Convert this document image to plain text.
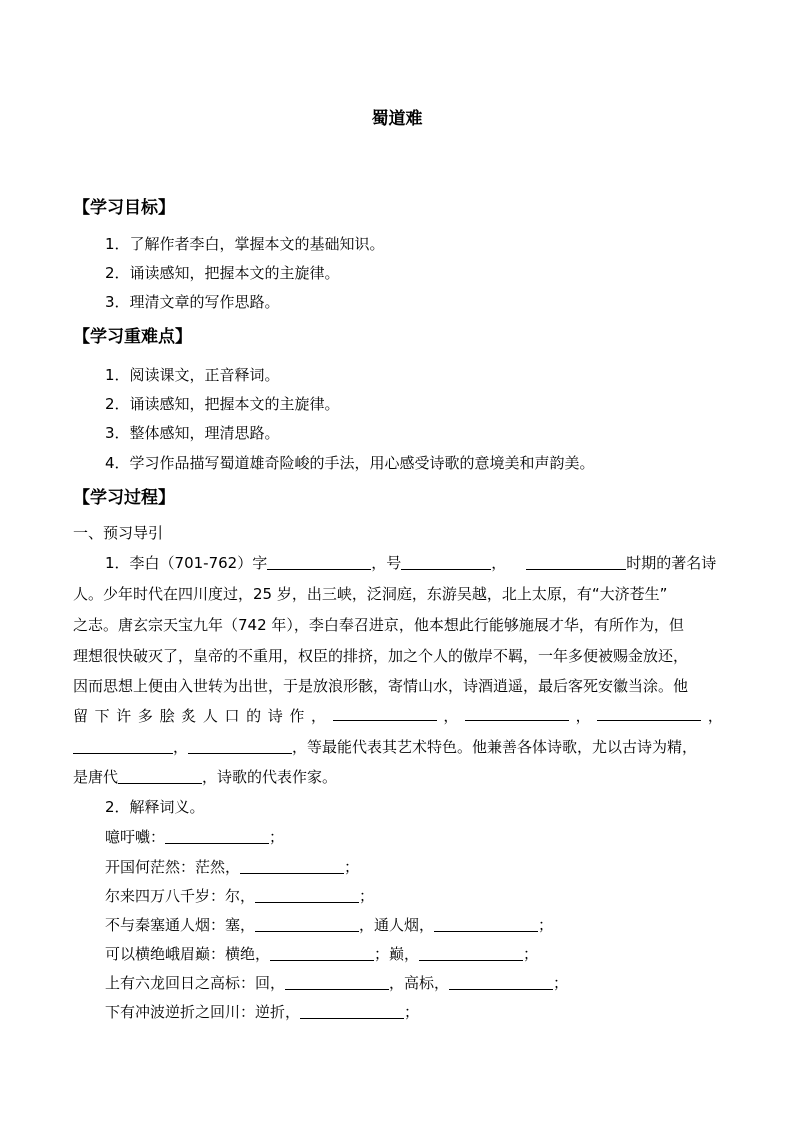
蜀道难
【学习目标】
1．了解作者李白，掌握本文的基础知识。
2．诵读感知，把握本文的主旋律。
3．理清文章的写作思路。
【学习重难点】
1．阅读课文，正音释词。
2．诵读感知，把握本文的主旋律。
3．整体感知，理清思路。
4．学习作品描写蜀道雄奇险峻的手法，用心感受诗歌的意境美和声韵美。
【学习过程】
一、预习导引
1．李白（701-762）字	，号	，	时期的著名诗
人。少年时代在四川度过，25 岁，出三峡，泛洞庭，东游吴越，北上太原，有“大济苍生”
之志。唐玄宗天宝九年（742 年），李白奉召进京，他本想此行能够施展才华，有所作为，但
理想很快破灭了，皇帝的不重用，权臣的排挤，加之个人的傲岸不羁，一年多便被赐金放还，
因而思想上便由入世转为出世，于是放浪形骸，寄情山水，诗酒逍遥，最后客死安徽当涂。他
留 下 许 多 脍 炙 人 口 的 诗 作 ，	，	，	，
，	，等最能代表其艺术特色。他兼善各体诗歌，尤以古诗为精，
是唐代	，诗歌的代表作家。
2．解释词义。
噫吁嚱：	；
开国何茫然：茫然，	；
尔来四万八千岁：尔，	；
不与秦塞通人烟：塞，	，通人烟，	；
可以横绝峨眉巅：横绝，	；巅，	；
上有六龙回日之高标：回，	，高标，	；
下有冲波逆折之回川：逆折，	；
